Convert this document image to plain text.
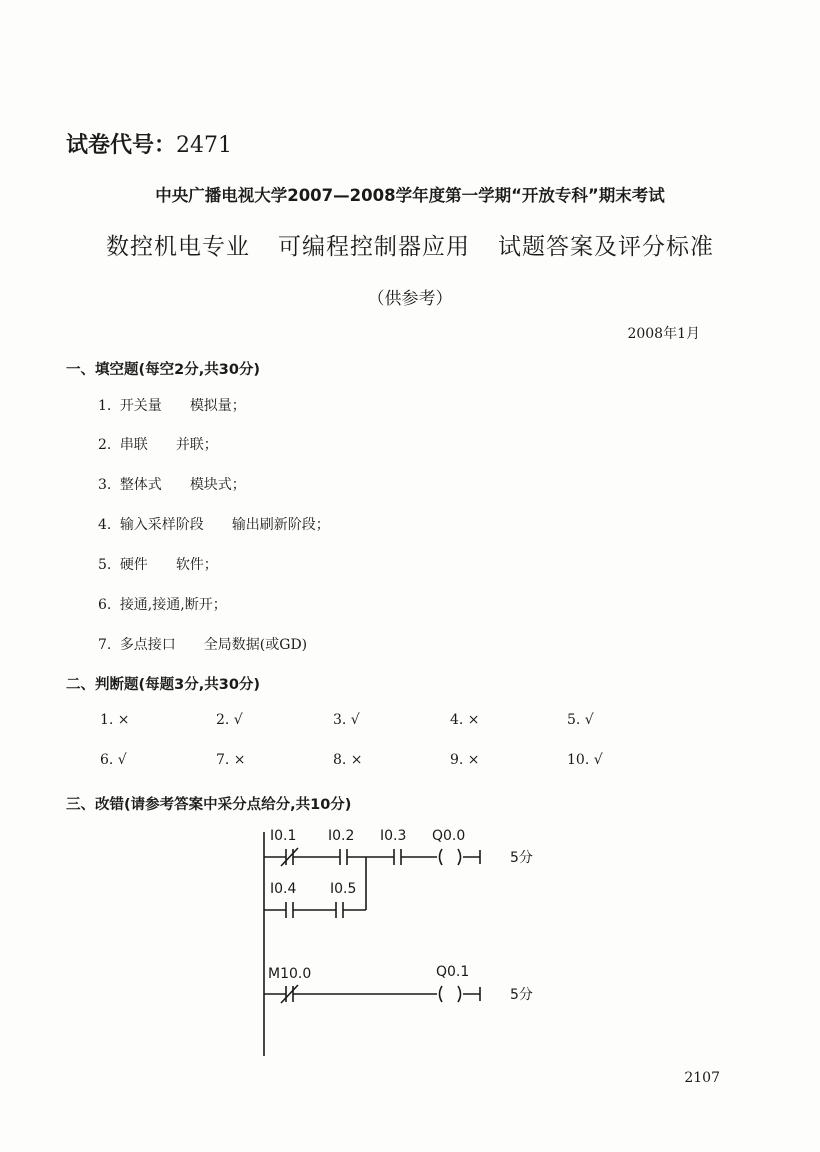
试卷代号：2471
中央广播电视大学2007—2008学年度第一学期“开放专科”期末考试
数控机电专业 可编程控制器应用 试题答案及评分标准
（供参考）
2008年1月
一、填空题(每空2分,共30分)
1. 开关量 模拟量；
2. 串联 并联；
3. 整体式 模块式；
4. 输入采样阶段 输出刷新阶段；
5. 硬件 软件；
6. 接通,接通,断开；
7. 多点接口 全局数据(或GD)
二、判断题(每题3分,共30分)
1. ×	2. √	3. √	4. ×	5. √
6. √	7. ×	8. ×	9. ×	10. √
三、改错(请参考答案中采分点给分,共10分)
I0.1 I0.2 I0.3 Q0.0
5分
I0.4 I0.5
M10.0	Q0.1
5分
2107
